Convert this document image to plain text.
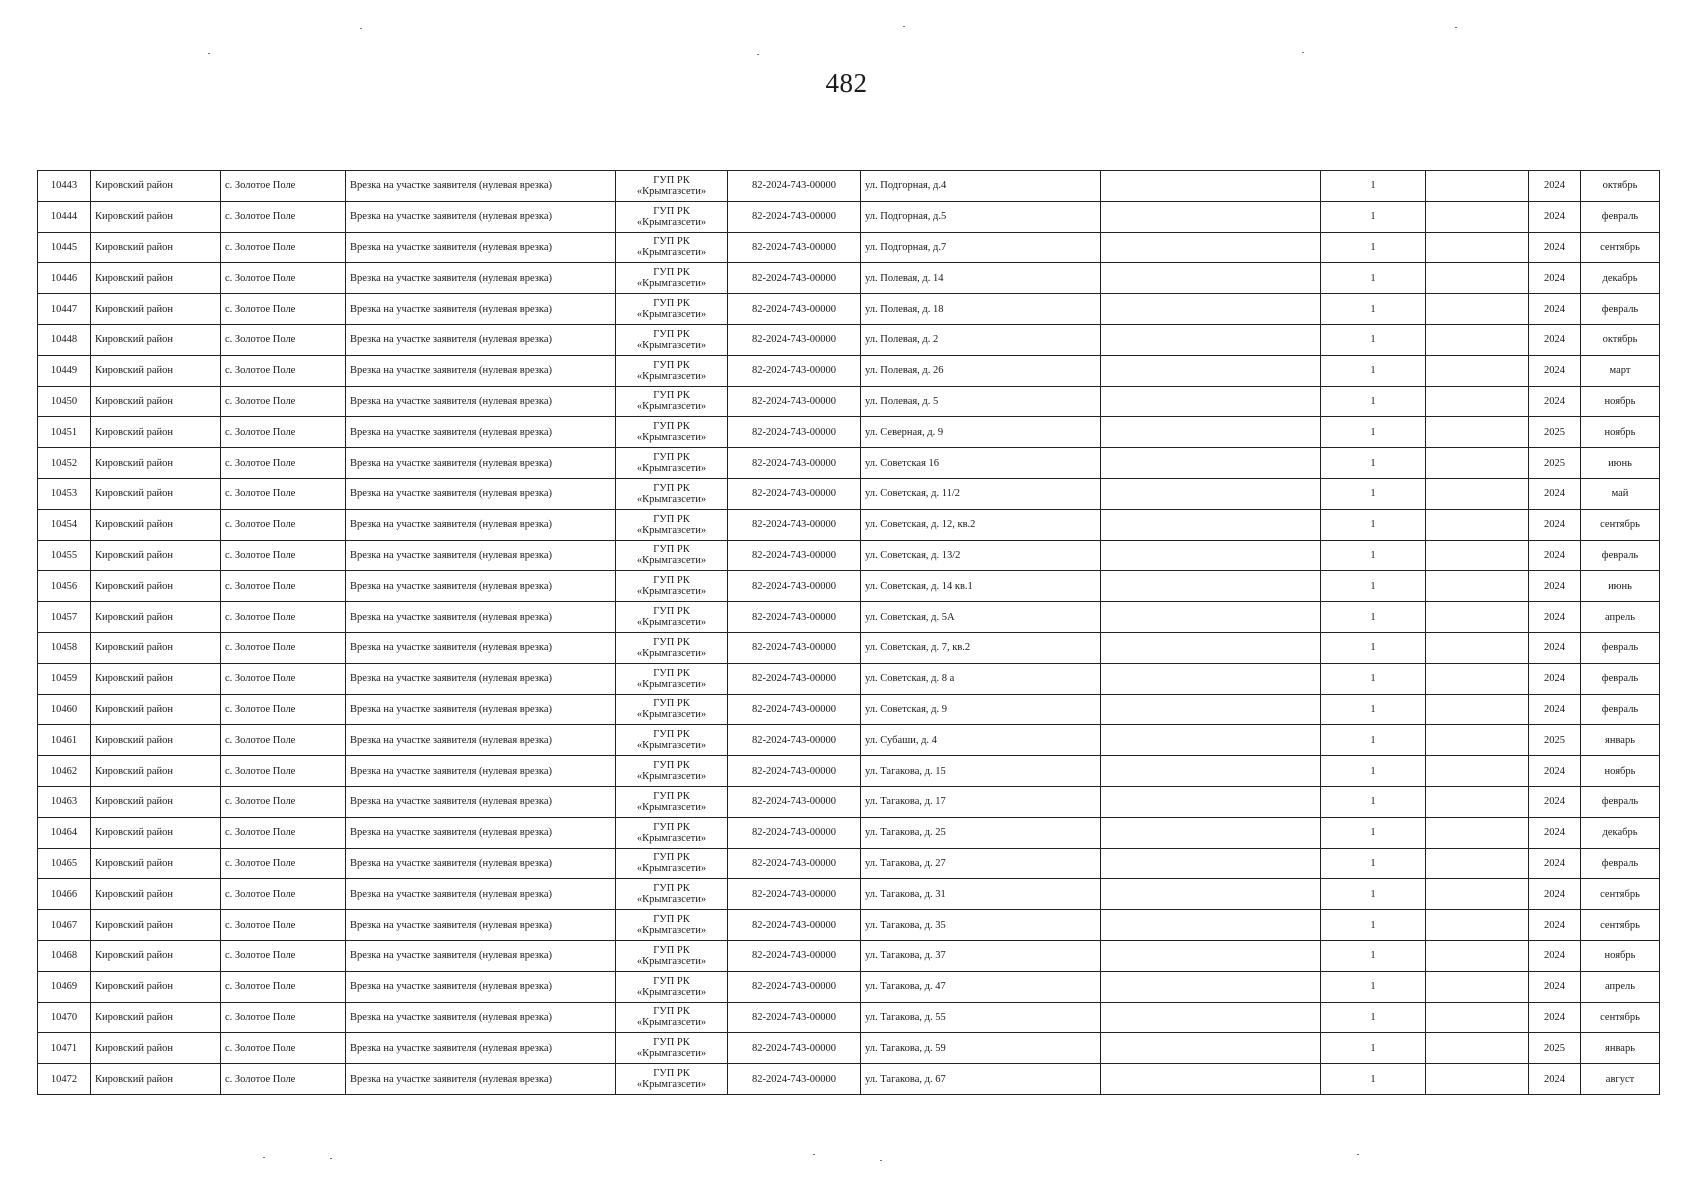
482
10443	Кировский район	с. Золотое Поле	Врезка на участке заявителя (нулевая врезка)	ГУП РК
«Крымгазсети»	82-2024-743-00000	ул. Подгорная, д.4		1		2024	октябрь
10444	Кировский район	с. Золотое Поле	Врезка на участке заявителя (нулевая врезка)	ГУП РК
«Крымгазсети»	82-2024-743-00000	ул. Подгорная, д.5		1		2024	февраль
10445	Кировский район	с. Золотое Поле	Врезка на участке заявителя (нулевая врезка)	ГУП РК
«Крымгазсети»	82-2024-743-00000	ул. Подгорная, д.7		1		2024	сентябрь
10446	Кировский район	с. Золотое Поле	Врезка на участке заявителя (нулевая врезка)	ГУП РК
«Крымгазсети»	82-2024-743-00000	ул. Полевая, д. 14		1		2024	декабрь
10447	Кировский район	с. Золотое Поле	Врезка на участке заявителя (нулевая врезка)	ГУП РК
«Крымгазсети»	82-2024-743-00000	ул. Полевая, д. 18		1		2024	февраль
10448	Кировский район	с. Золотое Поле	Врезка на участке заявителя (нулевая врезка)	ГУП РК
«Крымгазсети»	82-2024-743-00000	ул. Полевая, д. 2		1		2024	октябрь
10449	Кировский район	с. Золотое Поле	Врезка на участке заявителя (нулевая врезка)	ГУП РК
«Крымгазсети»	82-2024-743-00000	ул. Полевая, д. 26		1		2024	март
10450	Кировский район	с. Золотое Поле	Врезка на участке заявителя (нулевая врезка)	ГУП РК
«Крымгазсети»	82-2024-743-00000	ул. Полевая, д. 5		1		2024	ноябрь
10451	Кировский район	с. Золотое Поле	Врезка на участке заявителя (нулевая врезка)	ГУП РК
«Крымгазсети»	82-2024-743-00000	ул. Северная, д. 9		1		2025	ноябрь
10452	Кировский район	с. Золотое Поле	Врезка на участке заявителя (нулевая врезка)	ГУП РК
«Крымгазсети»	82-2024-743-00000	ул. Советская 16		1		2025	июнь
10453	Кировский район	с. Золотое Поле	Врезка на участке заявителя (нулевая врезка)	ГУП РК
«Крымгазсети»	82-2024-743-00000	ул. Советская, д. 11/2		1		2024	май
10454	Кировский район	с. Золотое Поле	Врезка на участке заявителя (нулевая врезка)	ГУП РК
«Крымгазсети»	82-2024-743-00000	ул. Советская, д. 12, кв.2		1		2024	сентябрь
10455	Кировский район	с. Золотое Поле	Врезка на участке заявителя (нулевая врезка)	ГУП РК
«Крымгазсети»	82-2024-743-00000	ул. Советская, д. 13/2		1		2024	февраль
10456	Кировский район	с. Золотое Поле	Врезка на участке заявителя (нулевая врезка)	ГУП РК
«Крымгазсети»	82-2024-743-00000	ул. Советская, д. 14 кв.1		1		2024	июнь
10457	Кировский район	с. Золотое Поле	Врезка на участке заявителя (нулевая врезка)	ГУП РК
«Крымгазсети»	82-2024-743-00000	ул. Советская, д. 5А		1		2024	апрель
10458	Кировский район	с. Золотое Поле	Врезка на участке заявителя (нулевая врезка)	ГУП РК
«Крымгазсети»	82-2024-743-00000	ул. Советская, д. 7, кв.2		1		2024	февраль
10459	Кировский район	с. Золотое Поле	Врезка на участке заявителя (нулевая врезка)	ГУП РК
«Крымгазсети»	82-2024-743-00000	ул. Советская, д. 8 а		1		2024	февраль
10460	Кировский район	с. Золотое Поле	Врезка на участке заявителя (нулевая врезка)	ГУП РК
«Крымгазсети»	82-2024-743-00000	ул. Советская, д. 9		1		2024	февраль
10461	Кировский район	с. Золотое Поле	Врезка на участке заявителя (нулевая врезка)	ГУП РК
«Крымгазсети»	82-2024-743-00000	ул. Субаши, д. 4		1		2025	январь
10462	Кировский район	с. Золотое Поле	Врезка на участке заявителя (нулевая врезка)	ГУП РК
«Крымгазсети»	82-2024-743-00000	ул. Тагакова, д. 15		1		2024	ноябрь
10463	Кировский район	с. Золотое Поле	Врезка на участке заявителя (нулевая врезка)	ГУП РК
«Крымгазсети»	82-2024-743-00000	ул. Тагакова, д. 17		1		2024	февраль
10464	Кировский район	с. Золотое Поле	Врезка на участке заявителя (нулевая врезка)	ГУП РК
«Крымгазсети»	82-2024-743-00000	ул. Тагакова, д. 25		1		2024	декабрь
10465	Кировский район	с. Золотое Поле	Врезка на участке заявителя (нулевая врезка)	ГУП РК
«Крымгазсети»	82-2024-743-00000	ул. Тагакова, д. 27		1		2024	февраль
10466	Кировский район	с. Золотое Поле	Врезка на участке заявителя (нулевая врезка)	ГУП РК
«Крымгазсети»	82-2024-743-00000	ул. Тагакова, д. 31		1		2024	сентябрь
10467	Кировский район	с. Золотое Поле	Врезка на участке заявителя (нулевая врезка)	ГУП РК
«Крымгазсети»	82-2024-743-00000	ул. Тагакова, д. 35		1		2024	сентябрь
10468	Кировский район	с. Золотое Поле	Врезка на участке заявителя (нулевая врезка)	ГУП РК
«Крымгазсети»	82-2024-743-00000	ул. Тагакова, д. 37		1		2024	ноябрь
10469	Кировский район	с. Золотое Поле	Врезка на участке заявителя (нулевая врезка)	ГУП РК
«Крымгазсети»	82-2024-743-00000	ул. Тагакова, д. 47		1		2024	апрель
10470	Кировский район	с. Золотое Поле	Врезка на участке заявителя (нулевая врезка)	ГУП РК
«Крымгазсети»	82-2024-743-00000	ул. Тагакова, д. 55		1		2024	сентябрь
10471	Кировский район	с. Золотое Поле	Врезка на участке заявителя (нулевая врезка)	ГУП РК
«Крымгазсети»	82-2024-743-00000	ул. Тагакова, д. 59		1		2025	январь
10472	Кировский район	с. Золотое Поле	Врезка на участке заявителя (нулевая врезка)	ГУП РК
«Крымгазсети»	82-2024-743-00000	ул. Тагакова, д. 67		1		2024	август
